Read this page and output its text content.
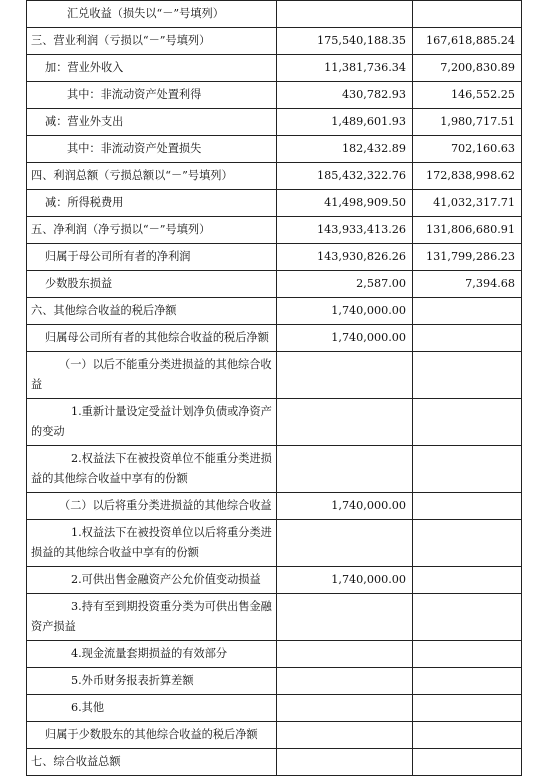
汇兑收益（损失以“－”号填列）		
三、营业利润（亏损以“－”号填列）	175,540,188.35	167,618,885.24
加：营业外收入	11,381,736.34	7,200,830.89
其中：非流动资产处置利得	430,782.93	146,552.25
减：营业外支出	1,489,601.93	1,980,717.51
其中：非流动资产处置损失	182,432.89	702,160.63
四、利润总额（亏损总额以“－”号填列）	185,432,322.76	172,838,998.62
减：所得税费用	41,498,909.50	41,032,317.71
五、净利润（净亏损以“－”号填列）	143,933,413.26	131,806,680.91
归属于母公司所有者的净利润	143,930,826.26	131,799,286.23
少数股东损益	2,587.00	7,394.68
六、其他综合收益的税后净额	1,740,000.00	
归属母公司所有者的其他综合收益的税后净额	1,740,000.00	
（一）以后不能重分类进损益的其他综合收益		
1.重新计量设定受益计划净负债或净资产的变动		
2.权益法下在被投资单位不能重分类进损益的其他综合收益中享有的份额		
（二）以后将重分类进损益的其他综合收益	1,740,000.00	
1.权益法下在被投资单位以后将重分类进损益的其他综合收益中享有的份额		
2.可供出售金融资产公允价值变动损益	1,740,000.00	
3.持有至到期投资重分类为可供出售金融资产损益		
4.现金流量套期损益的有效部分		
5.外币财务报表折算差额		
6.其他		
归属于少数股东的其他综合收益的税后净额		
七、综合收益总额		
